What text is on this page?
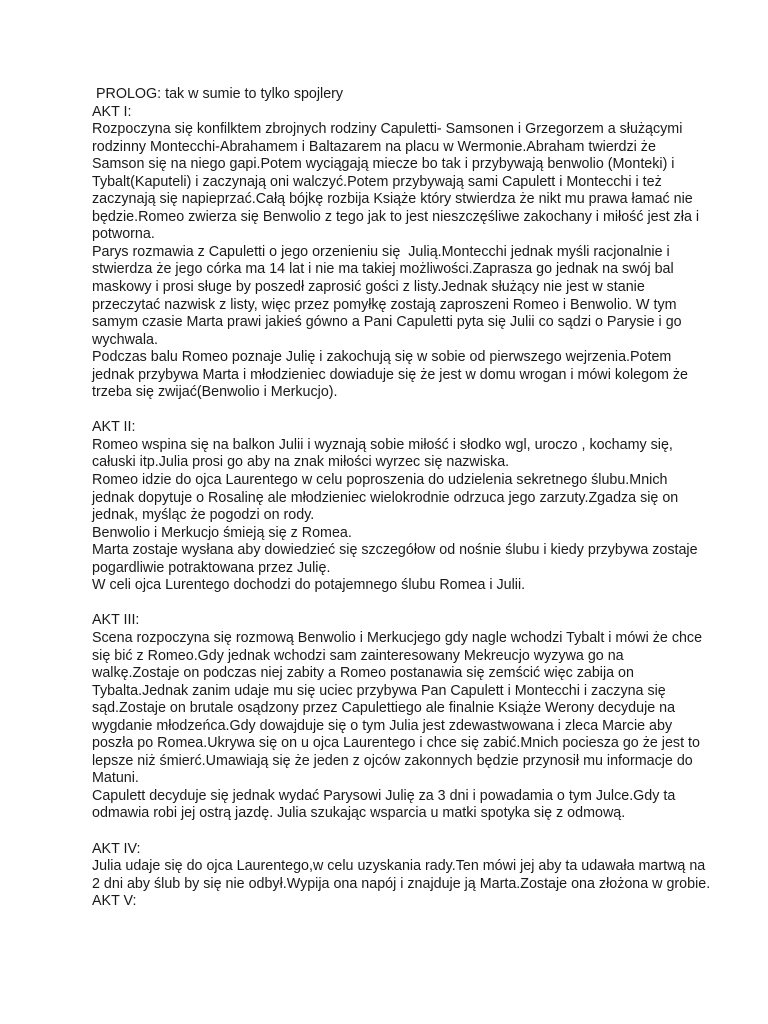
PROLOG: tak w sumie to tylko spojlery

AKT I:

Rozpoczyna się konfilktem zbrojnych rodziny Capuletti- Samsonen i Grzegorzem a służącymi rodzinny Montecchi-Abrahamem i Baltazarem na placu w Wermonie.Abraham twierdzi że Samson się na niego gapi.Potem wyciągają miecze bo tak i przybywają benwolio (Monteki) i Tybalt(Kaputeli) i zaczynają oni walczyć.Potem przybywają sami Capulett i Montecchi i też zaczynają się napieprzać.Całą bójkę rozbija Książe który stwierdza że nikt mu prawa łamać nie będzie.Romeo zwierza się Benwolio z tego jak to jest nieszczęśliwe zakochany i miłość jest zła i potworna.

Parys rozmawia z Capuletti o jego orzenieniu się  Julią.Montecchi jednak myśli racjonalnie i stwierdza że jego córka ma 14 lat i nie ma takiej możliwości.Zaprasza go jednak na swój bal maskowy i prosi sługe by poszedł zaprosić gości z listy.Jednak służący nie jest w stanie przeczytać nazwisk z listy, więc przez pomyłkę zostają zaproszeni Romeo i Benwolio. W tym samym czasie Marta prawi jakieś gówno a Pani Capuletti pyta się Julii co sądzi o Parysie i go wychwala.

Podczas balu Romeo poznaje Julię i zakochują się w sobie od pierwszego wejrzenia.Potem jednak przybywa Marta i młodzieniec dowiaduje się że jest w domu wrogan i mówi kolegom że trzeba się zwijać(Benwolio i Merkucjo).

AKT II:

Romeo wspina się na balkon Julii i wyznają sobie miłość i słodko wgl, uroczo , kochamy się, całuski itp.Julia prosi go aby na znak miłości wyrzec się nazwiska.

Romeo idzie do ojca Laurentego w celu poproszenia do udzielenia sekretnego ślubu.Mnich jednak dopytuje o Rosalinę ale młodzieniec wielokrodnie odrzuca jego zarzuty.Zgadza się on jednak, myśląc że pogodzi on rody.

Benwolio i Merkucjo śmieją się z Romea.

Marta zostaje wysłana aby dowiedzieć się szczegółow od nośnie ślubu i kiedy przybywa zostaje pogardliwie potraktowana przez Julię.

W celi ojca Lurentego dochodzi do potajemnego ślubu Romea i Julii.

AKT III:

Scena rozpoczyna się rozmową Benwolio i Merkucjego gdy nagle wchodzi Tybalt i mówi że chce się bić z Romeo.Gdy jednak wchodzi sam zainteresowany Mekreucjo wyzywa go na walkę.Zostaje on podczas niej zabity a Romeo postanawia się zemścić więc zabija on Tybalta.Jednak zanim udaje mu się uciec przybywa Pan Capulett i Montecchi i zaczyna się sąd.Zostaje on brutale osądzony przez Capulettiego ale finalnie Książe Werony decyduje na wygdanie młodzeńca.Gdy dowajduje się o tym Julia jest zdewastwowana i zleca Marcie aby poszła po Romea.Ukrywa się on u ojca Laurentego i chce się zabić.Mnich pociesza go że jest to lepsze niż śmierć.Umawiają się że jeden z ojców zakonnych będzie przynosił mu informacje do Matuni.

Capulett decyduje się jednak wydać Parysowi Julię za 3 dni i powadamia o tym Julce.Gdy ta odmawia robi jej ostrą jazdę. Julia szukając wsparcia u matki spotyka się z odmową.

AKT IV:

Julia udaje się do ojca Laurentego,w celu uzyskania rady.Ten mówi jej aby ta udawała martwą na 2 dni aby ślub by się nie odbył.Wypija ona napój i znajduje ją Marta.Zostaje ona złożona w grobie.

AKT V:
